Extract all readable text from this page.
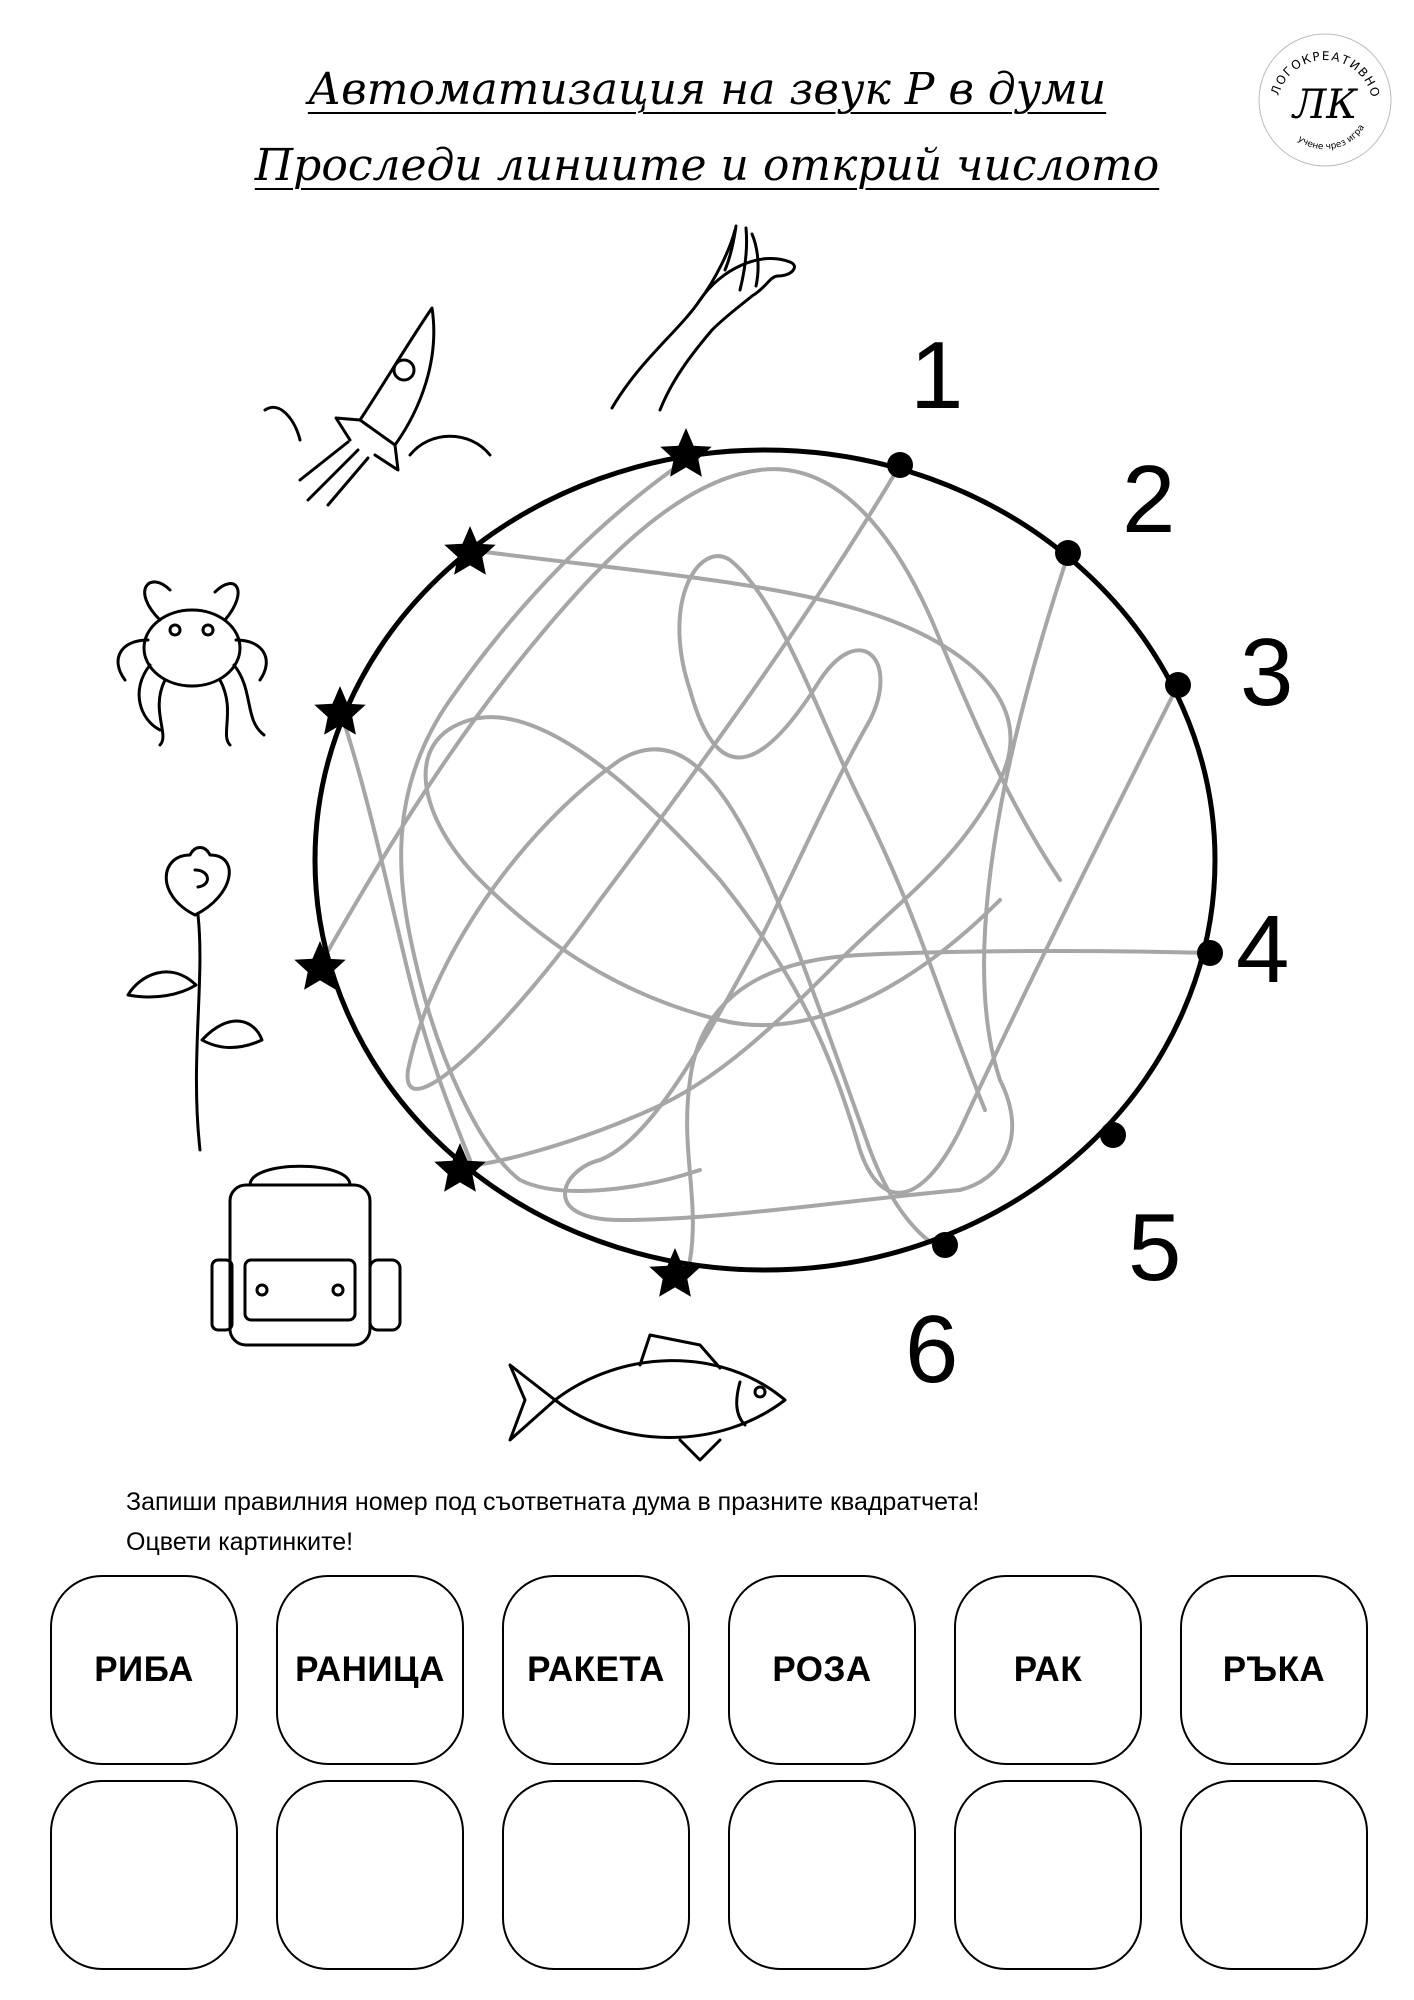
Автоматизация на звук Р в думи
Проследи линиите и открий числото
ЛОГОКРЕАТИВНО
учене чрез игра
ЛК
1
2
3
4
5
6
Запиши правилния номер под съответната дума в празните квадратчета!
Оцвети картинките!
РИБА	РАНИЦА РАКЕТА	РОЗА	РАК	РЪКА
